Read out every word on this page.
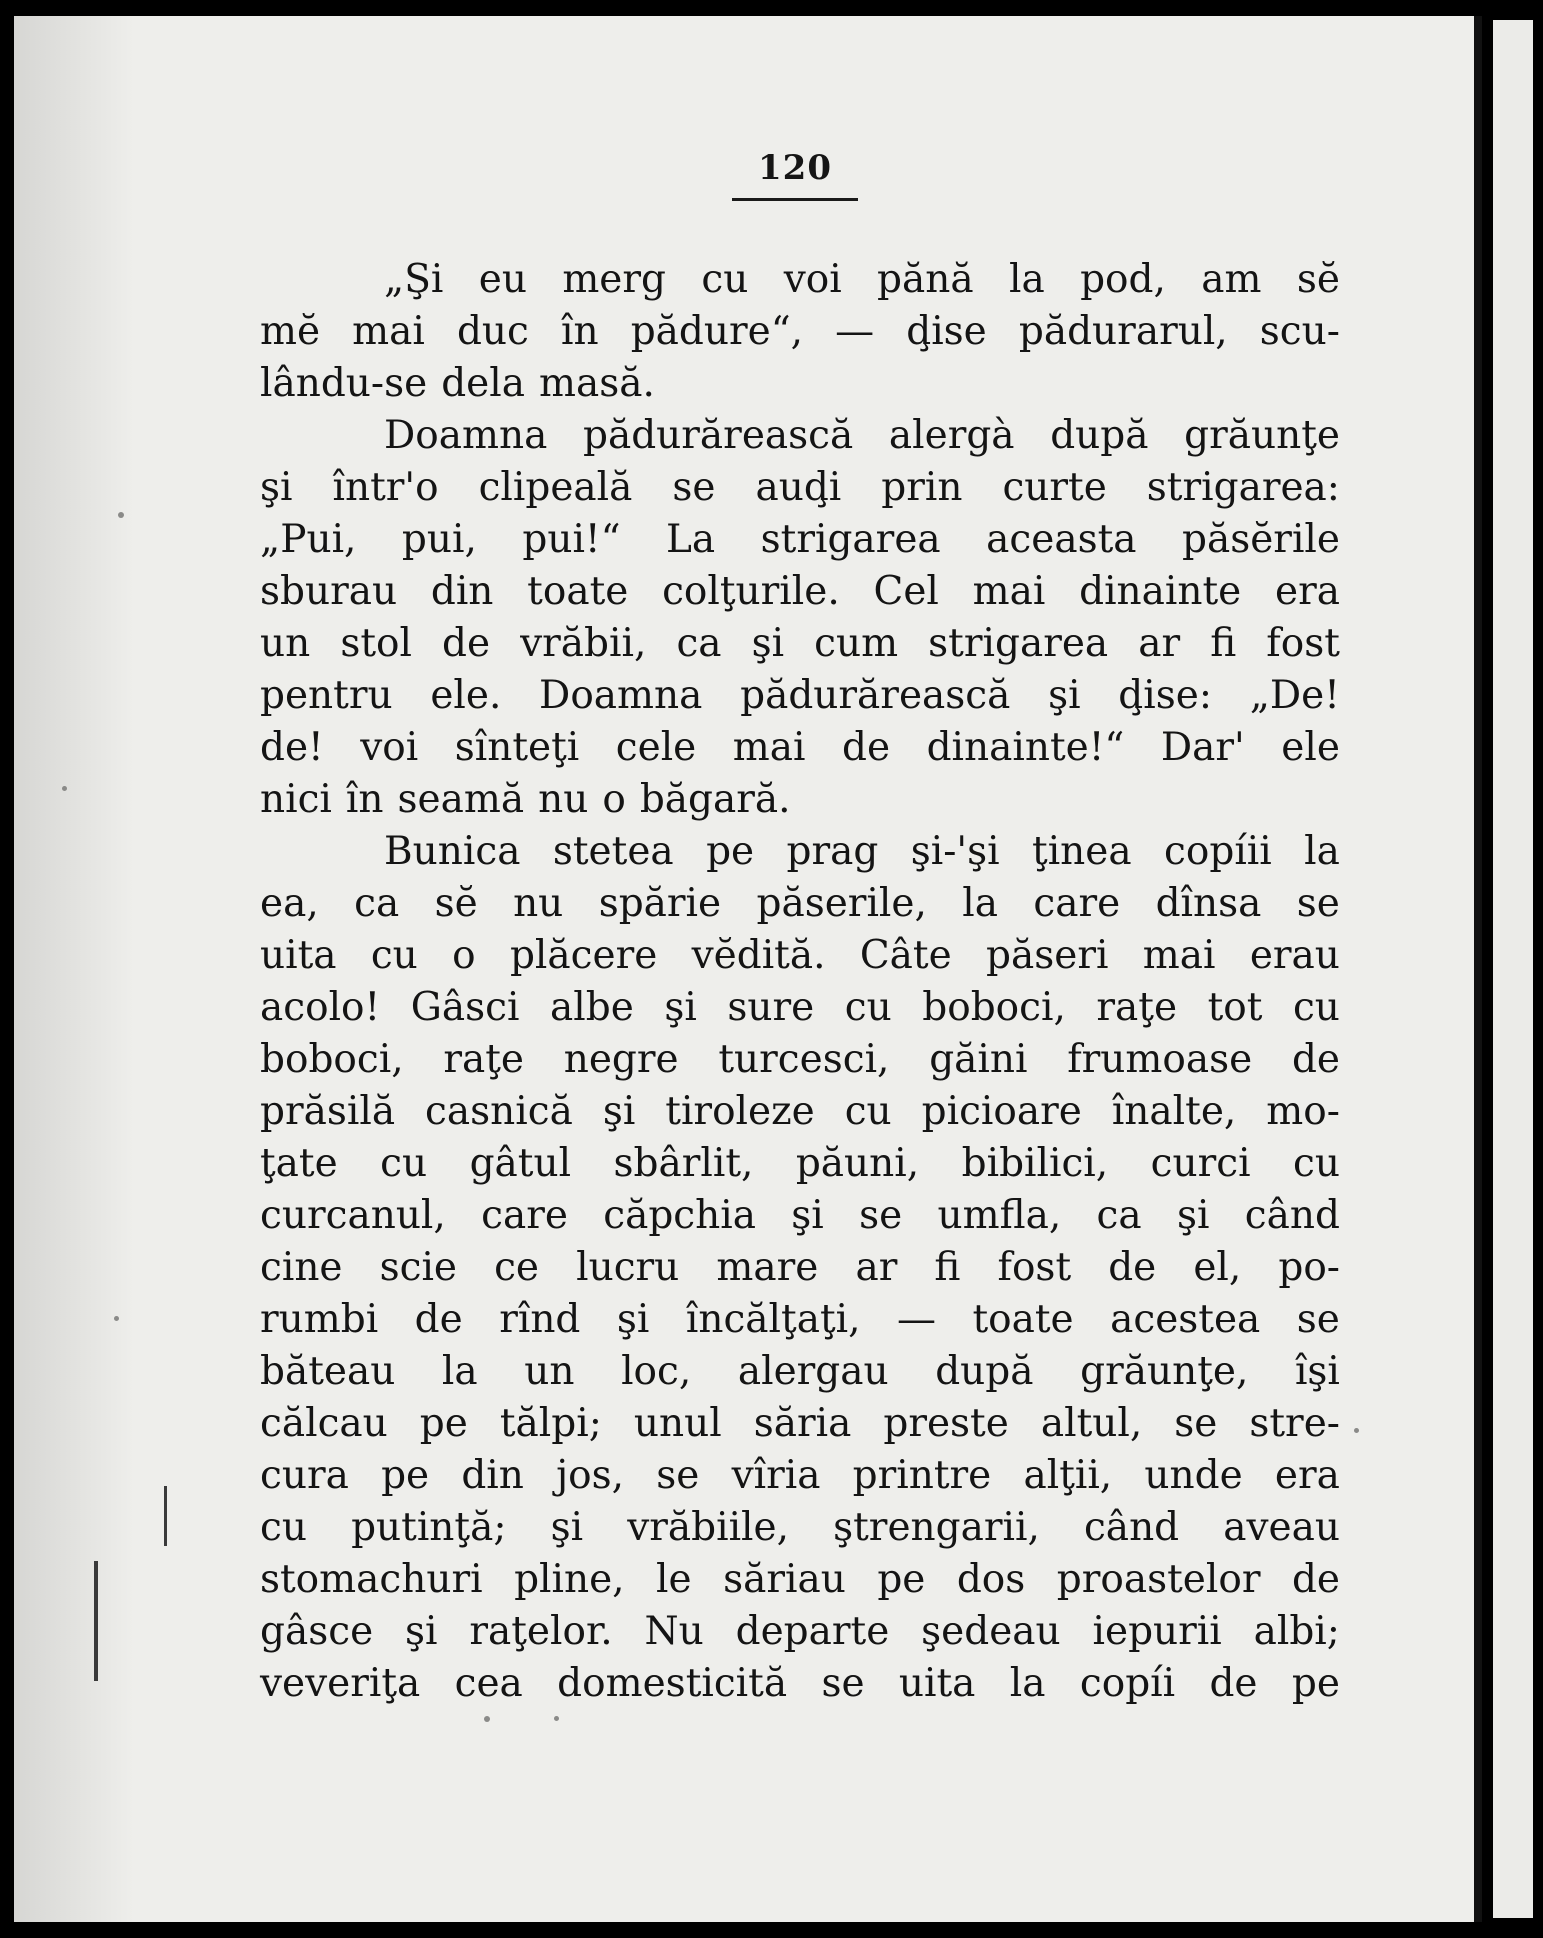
120
„Şi eu merg cu voi pănă la pod, am sĕ
mĕ mai duc în pădure“, — ḑise pădurarul, scu-
lându-se dela masă.
Doamna pădurărească alergà după grăunţe
şi într'o clipeală se auḑi prin curte strigarea:
„Pui, pui, pui!“ La strigarea aceasta păsĕrile
sburau din toate colţurile. Cel mai dinainte era
un stol de vrăbii, ca şi cum strigarea ar fi fost
pentru ele. Doamna pădurărească şi ḑise: „De!
de! voi sînteţi cele mai de dinainte!“ Dar' ele
nici în seamă nu o băgară.
Bunica stetea pe prag şi-'şi ţinea copíii la
ea, ca sĕ nu spărie păserile, la care dînsa se
uita cu o plăcere vĕdită. Câte păseri mai erau
acolo! Gâsci albe şi sure cu boboci, raţe tot cu
boboci, raţe negre turcesci, găini frumoase de
prăsilă casnică şi tiroleze cu picioare înalte, mo-
ţate cu gâtul sbârlit, păuni, bibilici, curci cu
curcanul, care căpchia şi se umfla, ca şi când
cine scie ce lucru mare ar fi fost de el, po-
rumbi de rînd şi încălţaţi, — toate acestea se
băteau la un loc, alergau după grăunţe, îşi
călcau pe tălpi; unul săria preste altul, se stre-
cura pe din jos, se vîria printre alţii, unde era
cu putinţă; şi vrăbiile, ştrengarii, când aveau
stomachuri pline, le săriau pe dos proastelor de
gâsce şi raţelor. Nu departe şedeau iepurii albi;
veveriţa cea domesticită se uita la copíi de pe
